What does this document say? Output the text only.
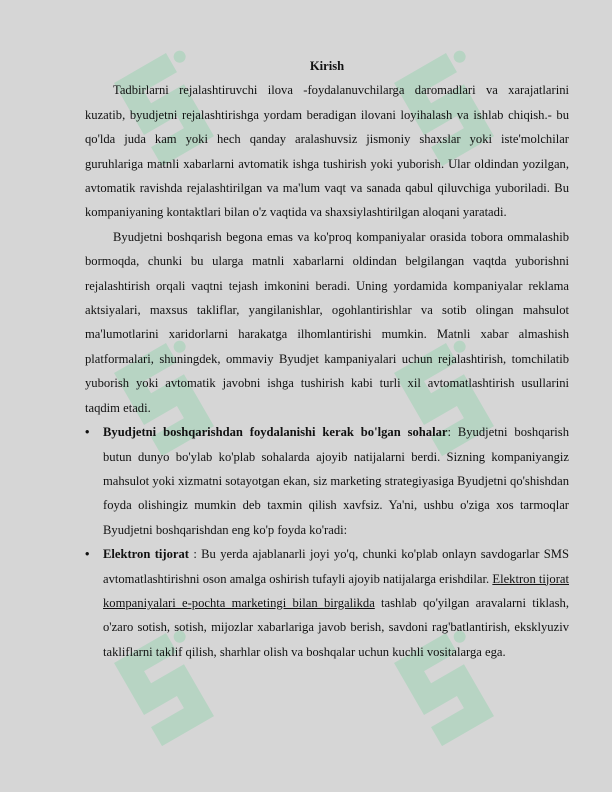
Kirish

Tadbirlarni rejalashtiruvchi ilova -foydalanuvchilarga daromadlari va xarajatlarini kuzatib, byudjetni rejalashtirishga yordam beradigan ilovani loyihalash va ishlab chiqish.- bu qo'lda juda kam yoki hech qanday aralashuvsiz jismoniy shaxslar yoki iste'molchilar guruhlariga matnli xabarlarni avtomatik ishga tushirish yoki yuborish. Ular oldindan yozilgan, avtomatik ravishda rejalashtirilgan va ma'lum vaqt va sanada qabul qiluvchiga yuboriladi. Bu kompaniyaning kontaktlari bilan o'z vaqtida va shaxsiylashtirilgan aloqani yaratadi.

Byudjetni boshqarish begona emas va ko'proq kompaniyalar orasida tobora ommalashib bormoqda, chunki bu ularga matnli xabarlarni oldindan belgilangan vaqtda yuborishni rejalashtirish orqali vaqtni tejash imkonini beradi. Uning yordamida kompaniyalar reklama aktsiyalari, maxsus takliflar, yangilanishlar, ogohlantirishlar va sotib olingan mahsulot ma'lumotlarini xaridorlarni harakatga ilhomlantirishi mumkin. Matnli xabar almashish platformalari, shuningdek, ommaviy Byudjet kampaniyalari uchun rejalashtirish, tomchilatib yuborish yoki avtomatik javobni ishga tushirish kabi turli xil avtomatlashtirish usullarini taqdim etadi.

• Byudjetni boshqarishdan foydalanishi kerak bo'lgan sohalar: Byudjetni boshqarish butun dunyo bo'ylab ko'plab sohalarda ajoyib natijalarni berdi. Sizning kompaniyangiz mahsulot yoki xizmatni sotayotgan ekan, siz marketing strategiyasiga Byudjetni qo'shishdan foyda olishingiz mumkin deb taxmin qilish xavfsiz. Ya'ni, ushbu o'ziga xos tarmoqlar Byudjetni boshqarishdan eng ko'p foyda ko'radi:
• Elektron tijorat : Bu yerda ajablanarli joyi yo'q, chunki ko'plab onlayn savdogarlar SMS avtomatlashtirishni oson amalga oshirish tufayli ajoyib natijalarga erishdilar. Elektron tijorat kompaniyalari e-pochta marketingi bilan birgalikda tashlab qo'yilgan aravalarni tiklash, o'zaro sotish, sotish, mijozlar xabarlariga javob berish, savdoni rag'batlantirish, eksklyuziv takliflarni taklif qilish, sharhlar olish va boshqalar uchun kuchli vositalarga ega.
